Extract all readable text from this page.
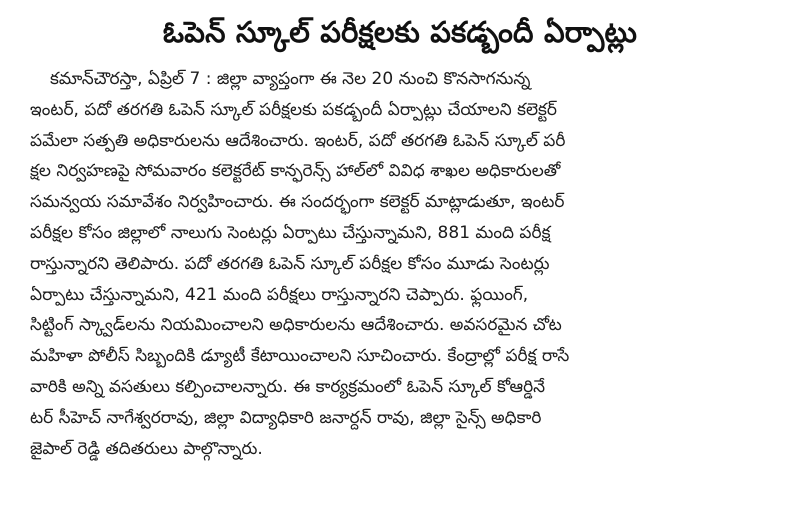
ఓపెన్ స్కూల్ పరీక్షలకు పకడ్బందీ ఏర్పాట్లు
కమాన్‌చౌరస్తా, ఏప్రిల్ 7 : జిల్లా వ్యాప్తంగా ఈ నెల 20 నుంచి కొనసాగనున్న
ఇంటర్, పదో తరగతి ఓపెన్ స్కూల్ పరీక్షలకు పకడ్బందీ ఏర్పాట్లు చేయాలని కలెక్టర్
పమేలా సత్పతి అధికారులను ఆదేశించారు. ఇంటర్, పదో తరగతి ఓపెన్ స్కూల్ పరీ
క్షల నిర్వహణపై సోమవారం కలెక్టరేట్ కాన్ఫరెన్స్ హాల్‌లో వివిధ శాఖల అధికారులతో
సమన్వయ సమావేశం నిర్వహించారు. ఈ సందర్భంగా కలెక్టర్ మాట్లాడుతూ, ఇంటర్
పరీక్షల కోసం జిల్లాలో నాలుగు సెంటర్లు ఏర్పాటు చేస్తున్నామని, 881 మంది పరీక్ష
రాస్తున్నారని తెలిపారు. పదో తరగతి ఓపెన్ స్కూల్ పరీక్షల కోసం మూడు సెంటర్లు
ఏర్పాటు చేస్తున్నామని, 421 మంది పరీక్షలు రాస్తున్నారని చెప్పారు. ఫ్లయింగ్,
సిట్టింగ్ స్క్వాడ్‌లను నియమించాలని అధికారులను ఆదేశించారు. అవసరమైన చోట
మహిళా పోలీస్ సిబ్బందికి డ్యూటీ కేటాయించాలని సూచించారు. కేంద్రాల్లో పరీక్ష రాసే
వారికి అన్ని వసతులు కల్పించాలన్నారు. ఈ కార్యక్రమంలో ఓపెన్ స్కూల్ కోఆర్డినే
టర్ సీహెచ్ నాగేశ్వరరావు, జిల్లా విద్యాధికారి జనార్దన్ రావు, జిల్లా సైన్స్ అధికారి
జైపాల్ రెడ్డి తదితరులు పాల్గొన్నారు.
